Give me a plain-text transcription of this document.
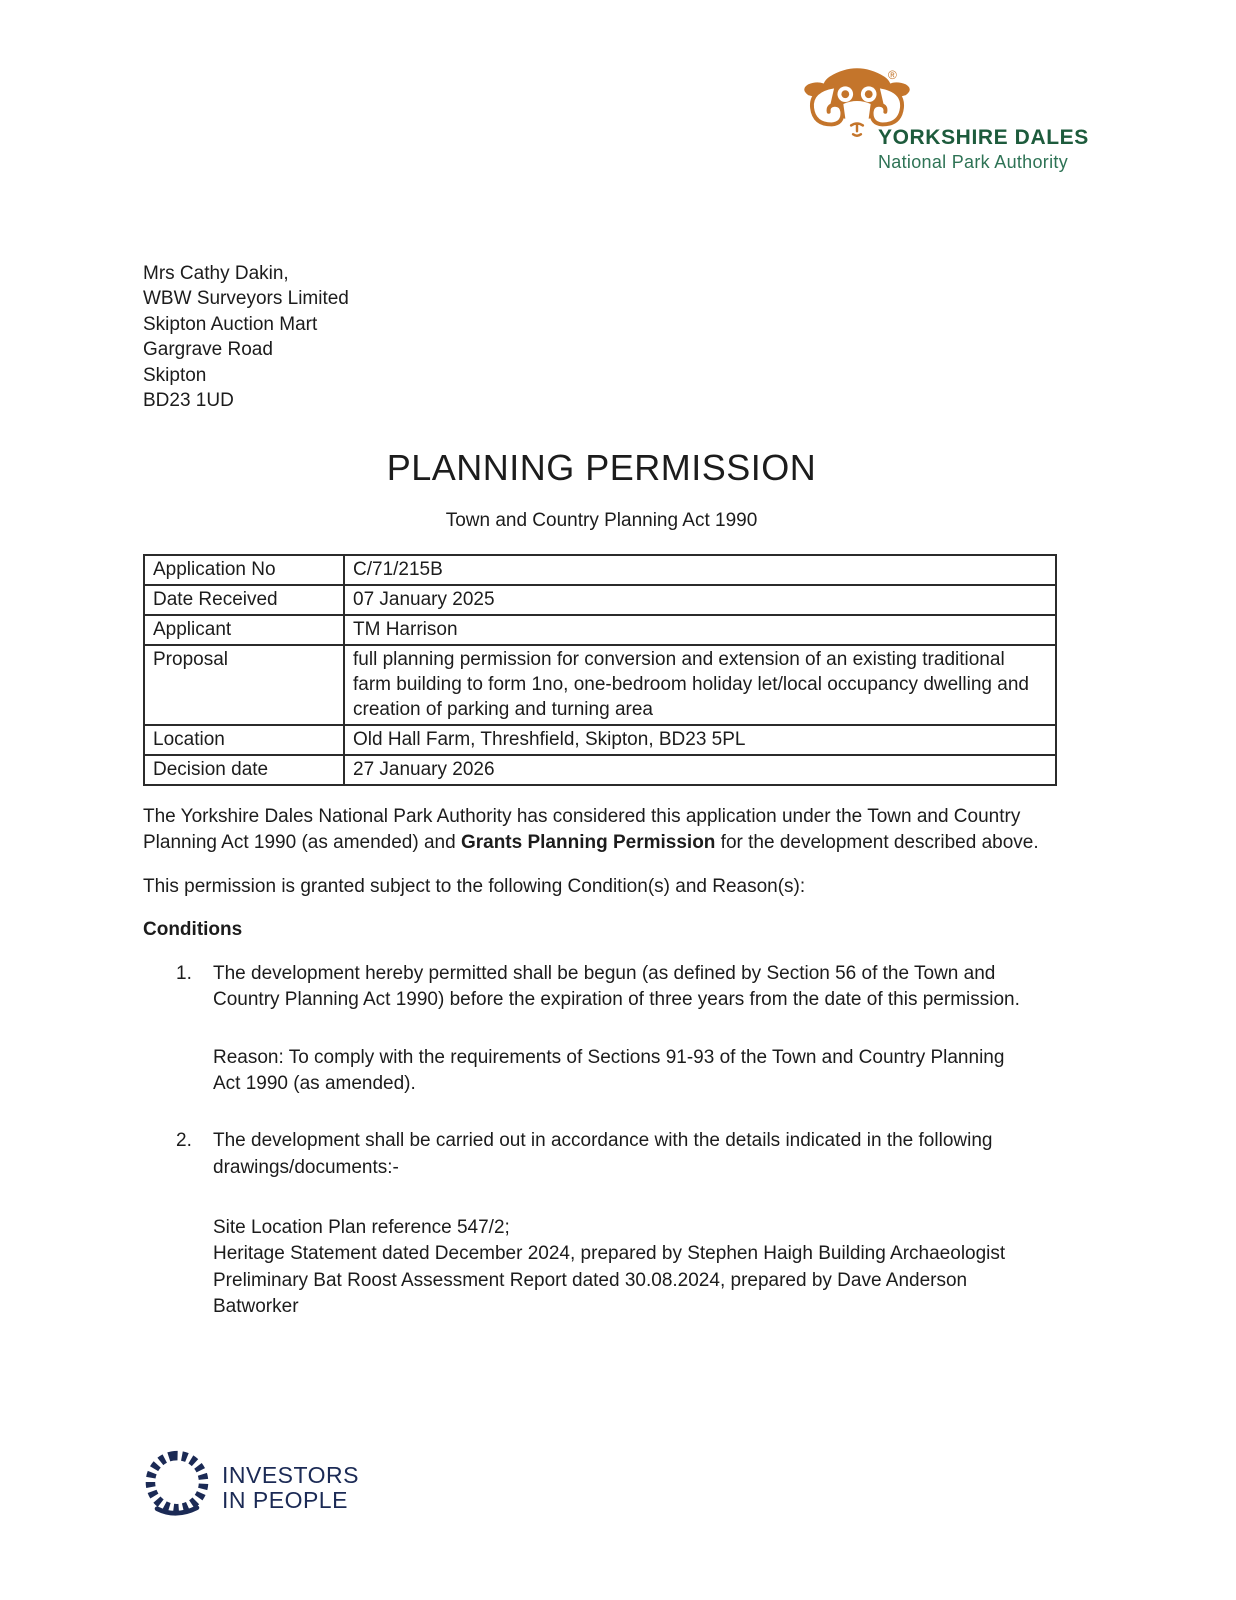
®
YORKSHIRE DALES
National Park Authority
Mrs Cathy Dakin,
WBW Surveyors Limited
Skipton Auction Mart
Gargrave Road
Skipton
BD23 1UD
PLANNING PERMISSION
Town and Country Planning Act 1990
Application No	C/71/215B
Date Received	07 January 2025
Applicant	TM Harrison
Proposal	full planning permission for conversion and extension of an existing traditional farm building to form 1no, one-bedroom holiday let/local occupancy dwelling and creation of parking and turning area
Location	Old Hall Farm, Threshfield, Skipton, BD23 5PL
Decision date	27 January 2026

The Yorkshire Dales National Park Authority has considered this application under the Town and Country Planning Act 1990 (as amended) and Grants Planning Permission for the development described above.

This permission is granted subject to the following Condition(s) and Reason(s):

Conditions
1.	The development hereby permitted shall be begun (as defined by Section 56 of the Town and Country Planning Act 1990) before the expiration of three years from the date of this permission.
Reason: To comply with the requirements of Sections 91-93 of the Town and Country Planning Act 1990 (as amended).
2.	The development shall be carried out in accordance with the details indicated in the following drawings/documents:-
Site Location Plan reference 547/2;
Heritage Statement dated December 2024, prepared by Stephen Haigh Building Archaeologist
Preliminary Bat Roost Assessment Report dated 30.08.2024, prepared by Dave Anderson Batworker
INVESTORS
IN PEOPLE
